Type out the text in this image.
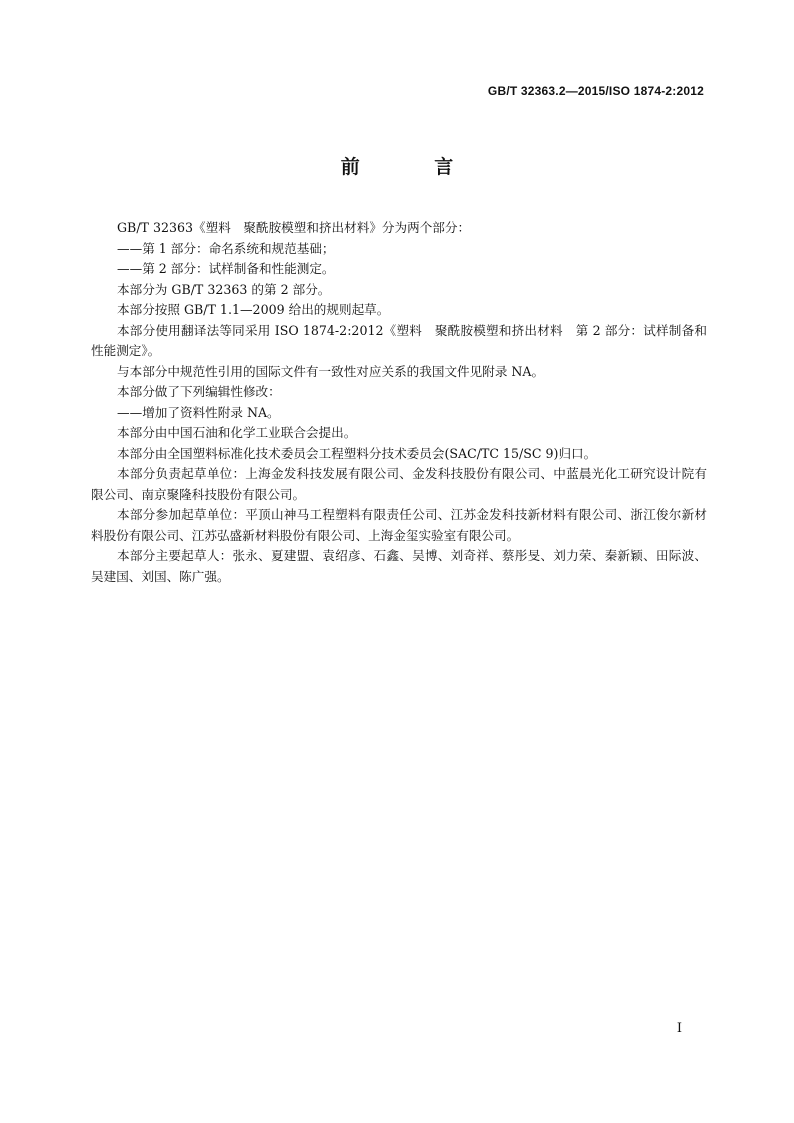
GB/T 32363.2—2015/ISO 1874-2:2012
前 言

GB/T 32363《塑料　聚酰胺模塑和挤出材料》分为两个部分：

——第 1 部分：命名系统和规范基础；

——第 2 部分：试样制备和性能测定。

本部分为 GB/T 32363 的第 2 部分。

本部分按照 GB/T 1.1—2009 给出的规则起草。

本部分使用翻译法等同采用 ISO 1874-2:2012《塑料　聚酰胺模塑和挤出材料　第 2 部分：试样制备和性能测定》。

与本部分中规范性引用的国际文件有一致性对应关系的我国文件见附录 NA。

本部分做了下列编辑性修改：

——增加了资料性附录 NA。

本部分由中国石油和化学工业联合会提出。

本部分由全国塑料标准化技术委员会工程塑料分技术委员会(SAC/TC 15/SC 9)归口。

本部分负责起草单位：上海金发科技发展有限公司、金发科技股份有限公司、中蓝晨光化工研究设计院有限公司、南京聚隆科技股份有限公司。

本部分参加起草单位：平顶山神马工程塑料有限责任公司、江苏金发科技新材料有限公司、浙江俊尔新材料股份有限公司、江苏弘盛新材料股份有限公司、上海金玺实验室有限公司。

本部分主要起草人：张永、夏建盟、袁绍彦、石鑫、吴博、刘奇祥、蔡彤旻、刘力荣、秦新颖、田际波、吴建国、刘国、陈广强。

I
